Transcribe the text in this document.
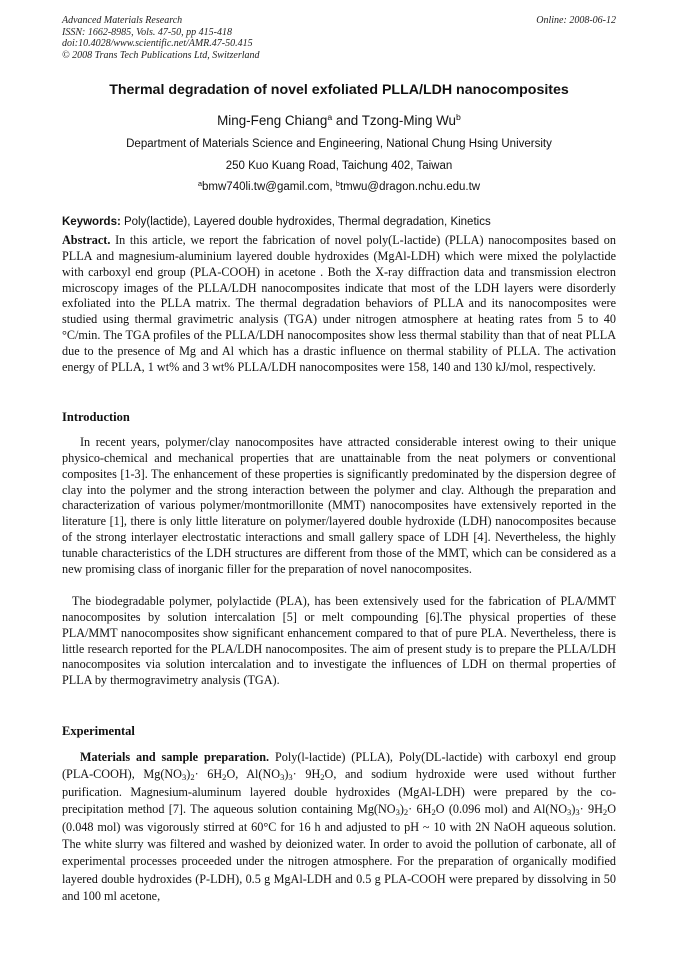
Advanced Materials Research
ISSN: 1662-8985, Vols. 47-50, pp 415-418
doi:10.4028/www.scientific.net/AMR.47-50.415
© 2008 Trans Tech Publications Ltd, Switzerland
Online: 2008-06-12
Thermal degradation of novel exfoliated PLLA/LDH nanocomposites
Ming-Feng Chiang$^a$ and Tzong-Ming Wu$^b$
Department of Materials Science and Engineering, National Chung Hsing University
250 Kuo Kuang Road, Taichung 402, Taiwan
$^a$bmw740li.tw@gamil.com, $^b$tmwu@dragon.nchu.edu.tw
Keywords: Poly(lactide), Layered double hydroxides, Thermal degradation, Kinetics

Abstract. In this article, we report the fabrication of novel poly(L-lactide) (PLLA) nanocomposites based on PLLA and magnesium-aluminium layered double hydroxides (MgAl-LDH) which were mixed the polylactide with carboxyl end group (PLA-COOH) in acetone . Both the X-ray diffraction data and transmission electron microscopy images of the PLLA/LDH nanocomposites indicate that most of the LDH layers were disorderly exfoliated into the PLLA matrix. The thermal degradation behaviors of PLLA and its nanocomposites were studied using thermal gravimetric analysis (TGA) under nitrogen atmosphere at heating rates from 5 to 40 °C/min. The TGA profiles of the PLLA/LDH nanocomposites show less thermal stability than that of neat PLLA due to the presence of Mg and Al which has a drastic influence on thermal stability of PLLA. The activation energy of PLLA, 1 wt% and 3 wt% PLLA/LDH nanocomposites were 158, 140 and 130 kJ/mol, respectively.

Introduction

In recent years, polymer/clay nanocomposites have attracted considerable interest owing to their unique physico-chemical and mechanical properties that are unattainable from the neat polymers or conventional composites [1-3]. The enhancement of these properties is significantly predominated by the dispersion degree of clay into the polymer and the strong interaction between the polymer and clay. Although the preparation and characterization of various polymer/montmorillonite (MMT) nanocomposites have extensively reported in the literature [1], there is only little literature on polymer/layered double hydroxide (LDH) nanocomposites because of the strong interlayer electrostatic interactions and small gallery space of LDH [4]. Nevertheless, the highly tunable characteristics of the LDH structures are different from those of the MMT, which can be considered as a new promising class of inorganic filler for the preparation of novel nanocomposites.

The biodegradable polymer, polylactide (PLA), has been extensively used for the fabrication of PLA/MMT nanocomposites by solution intercalation [5] or melt compounding [6].The physical properties of these PLA/MMT nanocomposites show significant enhancement compared to that of pure PLA. Nevertheless, there is little research reported for the PLA/LDH nanocomposites. The aim of present study is to prepare the PLLA/LDH nanocomposites via solution intercalation and to investigate the influences of LDH on thermal properties of PLLA by thermogravimetry analysis (TGA).

Experimental

Materials and sample preparation. Poly(l-lactide) (PLLA), Poly(DL-lactide) with carboxyl end group (PLA-COOH), $Mg(NO_3)_2\cdot 6H_2O$, $Al(NO_3)_3\cdot 9H_2O$, and sodium hydroxide were used without further purification. Magnesium-aluminum layered double hydroxides (MgAl-LDH) were prepared by the co-precipitation method [7]. The aqueous solution containing $Mg(NO_3)_2\cdot 6H_2O$ (0.096 mol) and $Al(NO_3)_3\cdot 9H_2O$ (0.048 mol) was vigorously stirred at 60°C for 16 h and adjusted to pH ~ 10 with 2N NaOH aqueous solution. The white slurry was filtered and washed by deionized water. In order to avoid the pollution of carbonate, all of experimental processes proceeded under the nitrogen atmosphere. For the preparation of organically modified layered double hydroxides (P-LDH), 0.5 g MgAl-LDH and 0.5 g PLA-COOH were prepared by dissolving in 50 and 100 ml acetone,
